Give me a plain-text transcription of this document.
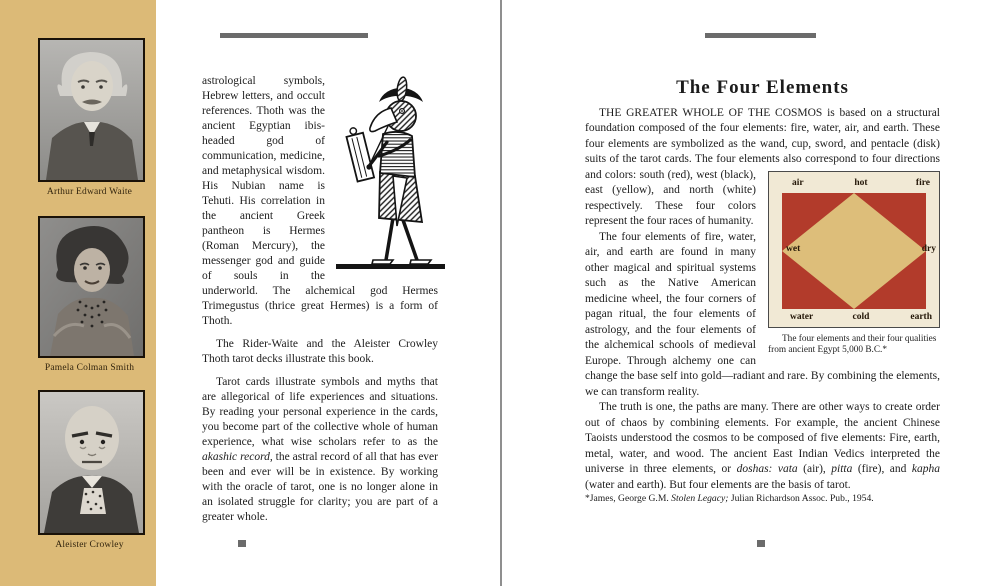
Arthur Edward Waite
Pamela Colman Smith
Aleister Crowley

astrological symbols, Hebrew letters, and occult references. Thoth was the ancient Egyptian ibis-headed god of communication, medicine, and metaphysical wisdom. His Nubian name is Tehuti. His correlation in the ancient Greek pantheon is Hermes (Roman Mercury), the messenger god and guide of souls in the underworld. The alchemical god Hermes Trimegustus (thrice great Hermes) is a form of Thoth.

The Rider-Waite and the Aleister Crowley Thoth tarot decks illustrate this book.

Tarot cards illustrate symbols and myths that are allegorical of life experiences and situations. By reading your personal experience in the cards, you become part of the collective whole of human experience, what wise scholars refer to as the akashic record, the astral record of all that has ever been and ever will be in existence. By working with the oracle of tarot, one is no longer alone in an isolated struggle for clarity; you are part of a greater whole.

The Four Elements

THE GREATER WHOLE OF THE COSMOS is based on a structural foundation composed of the four elements: fire, water, air, and earth. These four elements are symbolized as the wand, cup, sword, and pentacle (disk) suits of the tarot cards. The four elements also correspond to four
air	hot	fire
wet	dry
water	cold	earth
The four elements and their four qualities from ancient Egypt 5,000 B.C.*
directions and colors: south (red), west (black), east (yellow), and north (white) respectively. These four colors represent the four races of humanity.

The four elements of fire, water, air, and earth are found in many other magical and spiritual systems such as the Native American medicine wheel, the four corners of pagan ritual, the four elements of astrology, and the four elements of the alchemical schools of medieval Europe. Through alchemy one can change the base self into gold—radiant and rare. By combining the elements, we can transform reality.

The truth is one, the paths are many. There are other ways to create order out of chaos by combining elements. For example, the ancient Chinese Taoists understood the cosmos to be composed of five elements: Fire, earth, metal, water, and wood. The ancient East Indian Vedics interpreted the universe in three elements, or doshas: vata (air), pitta (fire), and kapha (water and earth). But four elements are the basis of tarot.

*James, George G.M. Stolen Legacy; Julian Richardson Assoc. Pub., 1954.
